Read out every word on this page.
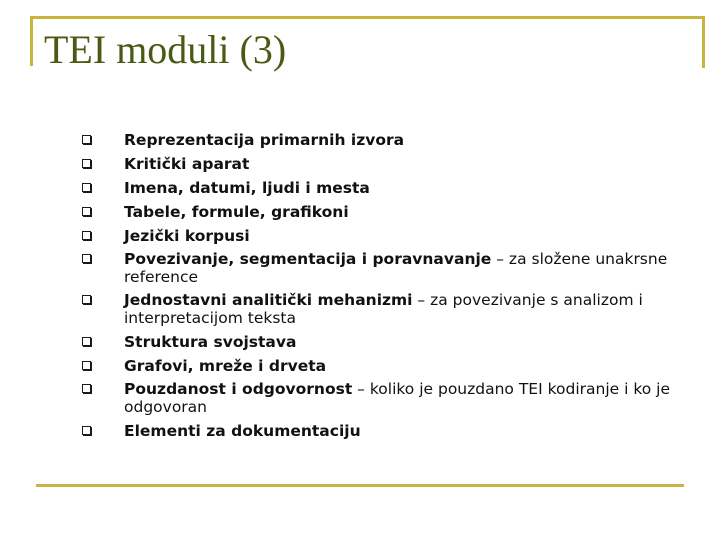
TEI moduli (3)
Reprezentacija primarnih izvora
Kritički aparat
Imena, datumi, ljudi i mesta
Tabele, formule, grafikoni
Jezički korpusi
Povezivanje, segmentacija i poravnavanje – za složene unakrsne reference
Jednostavni analitički mehanizmi – za povezivanje s analizom i interpretacijom teksta
Struktura svojstava
Grafovi, mreže i drveta
Pouzdanost i odgovornost – koliko je pouzdano TEI kodiranje i ko je odgovoran
Elementi za dokumentaciju
